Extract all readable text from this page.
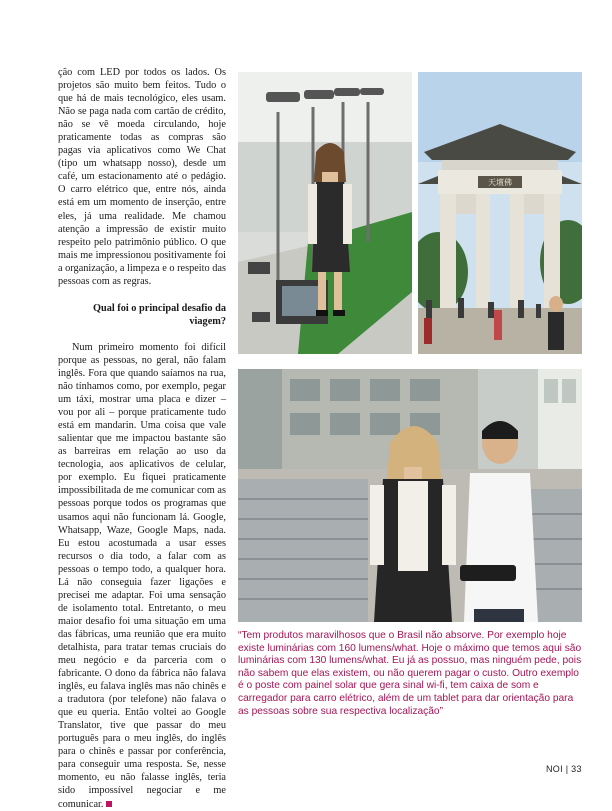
ção com LED por todos os lados. Os projetos são muito bem feitos. Tudo o que há de mais tecnológico, eles usam. Não se paga nada com cartão de crédito, não se vê moeda circulando, hoje praticamente todas as compras são pagas via aplicativos como We Chat (tipo um whatsapp nosso), desde um café, um estacionamento até o pedágio. O carro elétrico que, entre nós, ainda está em um momento de inserção, entre eles, já uma realidade. Me chamou atenção a impressão de existir muito respeito pelo patrimônio público. O que mais me impressionou positivamente foi a organização, a limpeza e o respeito das pessoas com as regras.

Qual foi o principal desafio da viagem?

Num primeiro momento foi difícil porque as pessoas, no geral, não falam inglês. Fora que quando saíamos na rua, não tínhamos como, por exemplo, pegar um táxi, mostrar uma placa e dizer – vou por ali – porque praticamente tudo está em mandarin. Uma coisa que vale salientar que me impactou bastante são as barreiras em relação ao uso da tecnologia, aos aplicativos de celular, por exemplo. Eu fiquei praticamente impossibilitada de me comunicar com as pessoas porque todos os programas que usamos aqui não funcionam lá. Google, Whatsapp, Waze, Google Maps, nada. Eu estou acostumada a usar esses recursos o dia todo, a falar com as pessoas o tempo todo, a qualquer hora. Lá não conseguia fazer ligações e precisei me adaptar. Foi uma sensação de isolamento total. Entretanto, o meu maior desafio foi uma situação em uma das fábricas, uma reunião que era muito detalhista, para tratar temas cruciais do meu negócio e da parceria com o fabricante. O dono da fábrica não falava inglês, eu falava inglês mas não chinês e a tradutora (por telefone) não falava o que eu queria. Então voltei ao Google Translator, tive que passar do meu português para o meu inglês, do inglês para o chinês e passar por conferência, para conseguir uma resposta. Se, nesse momento, eu não falasse inglês, teria sido impossível negociar e me comunicar.

天壇佛
“Tem produtos maravilhosos que o Brasil não absorve. Por exemplo hoje existe luminárias com 160 lumens/what. Hoje o máximo que temos aqui são luminárias com 130 lumens/what. Eu já as possuo, mas ninguém pede, pois não sabem que elas existem, ou não querem pagar o custo. Outro exemplo é o poste com painel solar que gera sinal wi-fi, tem caixa de som e carregador para carro elétrico, além de um tablet para dar orientação para as pessoas sobre sua respectiva localização”
NOI | 33
